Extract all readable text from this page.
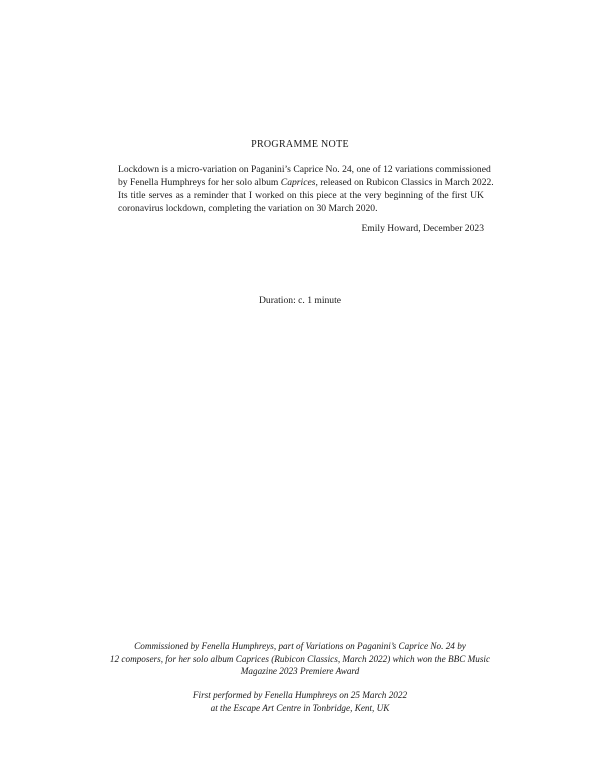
PROGRAMME NOTE
Lockdown is a micro-variation on Paganini’s Caprice No. 24, one of 12 variations commissioned
by Fenella Humphreys for her solo album Caprices, released on Rubicon Classics in March 2022.
Its title serves as a reminder that I worked on this piece at the very beginning of the first UK
coronavirus lockdown, completing the variation on 30 March 2020.
Emily Howard, December 2023
Duration: c. 1 minute
Commissioned by Fenella Humphreys, part of Variations on Paganini’s Caprice No. 24 by
12 composers, for her solo album Caprices (Rubicon Classics, March 2022) which won the BBC Music
Magazine 2023 Premiere Award
First performed by Fenella Humphreys on 25 March 2022
at the Escape Art Centre in Tonbridge, Kent, UK
